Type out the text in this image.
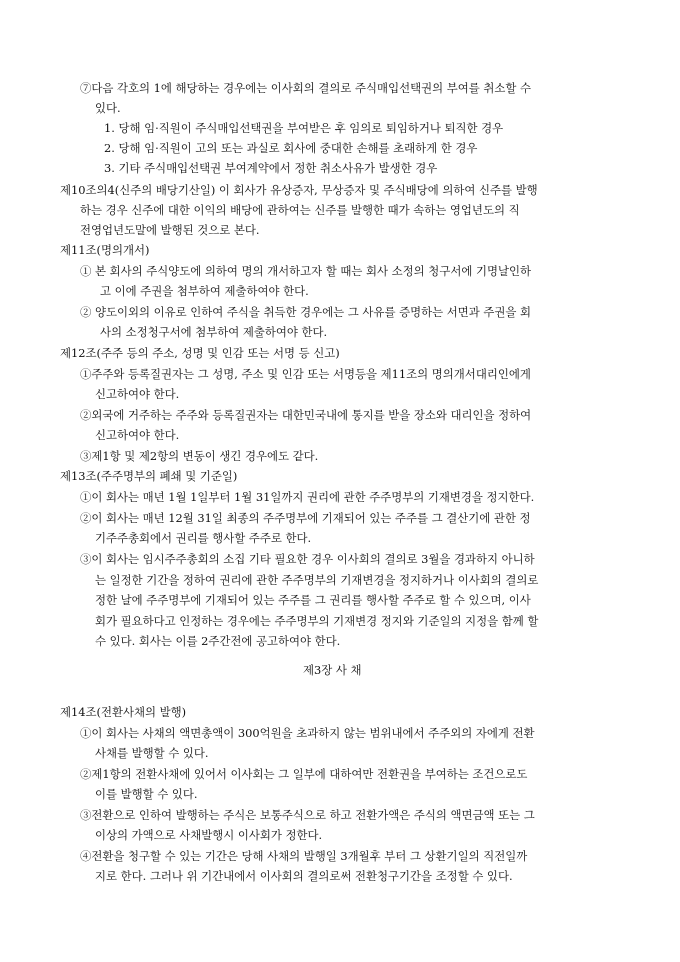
⑦다음 각호의 1에 해당하는 경우에는 이사회의 결의로 주식매입선택권의 부여를 취소할 수
있다.
1. 당해 임·직원이 주식매입선택권을 부여받은 후 임의로 퇴임하거나 퇴직한 경우
2. 당해 임·직원이 고의 또는 과실로 회사에 중대한 손해를 초래하게 한 경우
3. 기타 주식매입선택권 부여계약에서 정한 취소사유가 발생한 경우
제10조의4(신주의 배당기산일) 이 회사가 유상증자, 무상증자 및 주식배당에 의하여 신주를 발행
하는 경우 신주에 대한 이익의 배당에 관하여는 신주를 발행한 때가 속하는 영업년도의 직
전영업년도말에 발행된 것으로 본다.
제11조(명의개서)
① 본 회사의 주식양도에 의하여 명의 개서하고자 할 때는 회사 소정의 청구서에 기명날인하
고 이에 주권을 첨부하여 제출하여야 한다.
② 양도이외의 이유로 인하여 주식을 취득한 경우에는 그 사유를 증명하는 서면과 주권을 회
사의 소정청구서에 첨부하여 제출하여야 한다.
제12조(주주 등의 주소, 성명 및 인감 또는 서명 등 신고)
①주주와 등록질권자는 그 성명, 주소 및 인감 또는 서명등을 제11조의 명의개서대리인에게
신고하여야 한다.
②외국에 거주하는 주주와 등록질권자는 대한민국내에 통지를 받을 장소와 대리인을 정하여
신고하여야 한다.
③제1항 및 제2항의 변동이 생긴 경우에도 같다.
제13조(주주명부의 폐쇄 및 기준일)
①이 회사는 매년 1월 1일부터 1월 31일까지 권리에 관한 주주명부의 기재변경을 정지한다.
②이 회사는 매년 12월 31일 최종의 주주명부에 기재되어 있는 주주를 그 결산기에 관한 정
기주주총회에서 권리를 행사할 주주로 한다.
③이 회사는 임시주주총회의 소집 기타 필요한 경우 이사회의 결의로 3월을 경과하지 아니하
는 일정한 기간을 정하여 권리에 관한 주주명부의 기재변경을 정지하거나 이사회의 결의로
정한 날에 주주명부에 기재되어 있는 주주를 그 권리를 행사할 주주로 할 수 있으며, 이사
회가 필요하다고 인정하는 경우에는 주주명부의 기재변경 정지와 기준일의 지정을 함께 할
수 있다. 회사는 이를 2주간전에 공고하여야 한다.
제3장 사 채
제14조(전환사채의 발행)
①이 회사는 사채의 액면총액이 300억원을 초과하지 않는 범위내에서 주주외의 자에게 전환
사채를 발행할 수 있다.
②제1항의 전환사채에 있어서 이사회는 그 일부에 대하여만 전환권을 부여하는 조건으로도
이를 발행할 수 있다.
③전환으로 인하여 발행하는 주식은 보통주식으로 하고 전환가액은 주식의 액면금액 또는 그
이상의 가액으로 사채발행시 이사회가 정한다.
④전환을 청구할 수 있는 기간은 당해 사채의 발행일 3개월후 부터 그 상환기일의 직전일까
지로 한다. 그러나 위 기간내에서 이사회의 결의로써 전환청구기간을 조정할 수 있다.
